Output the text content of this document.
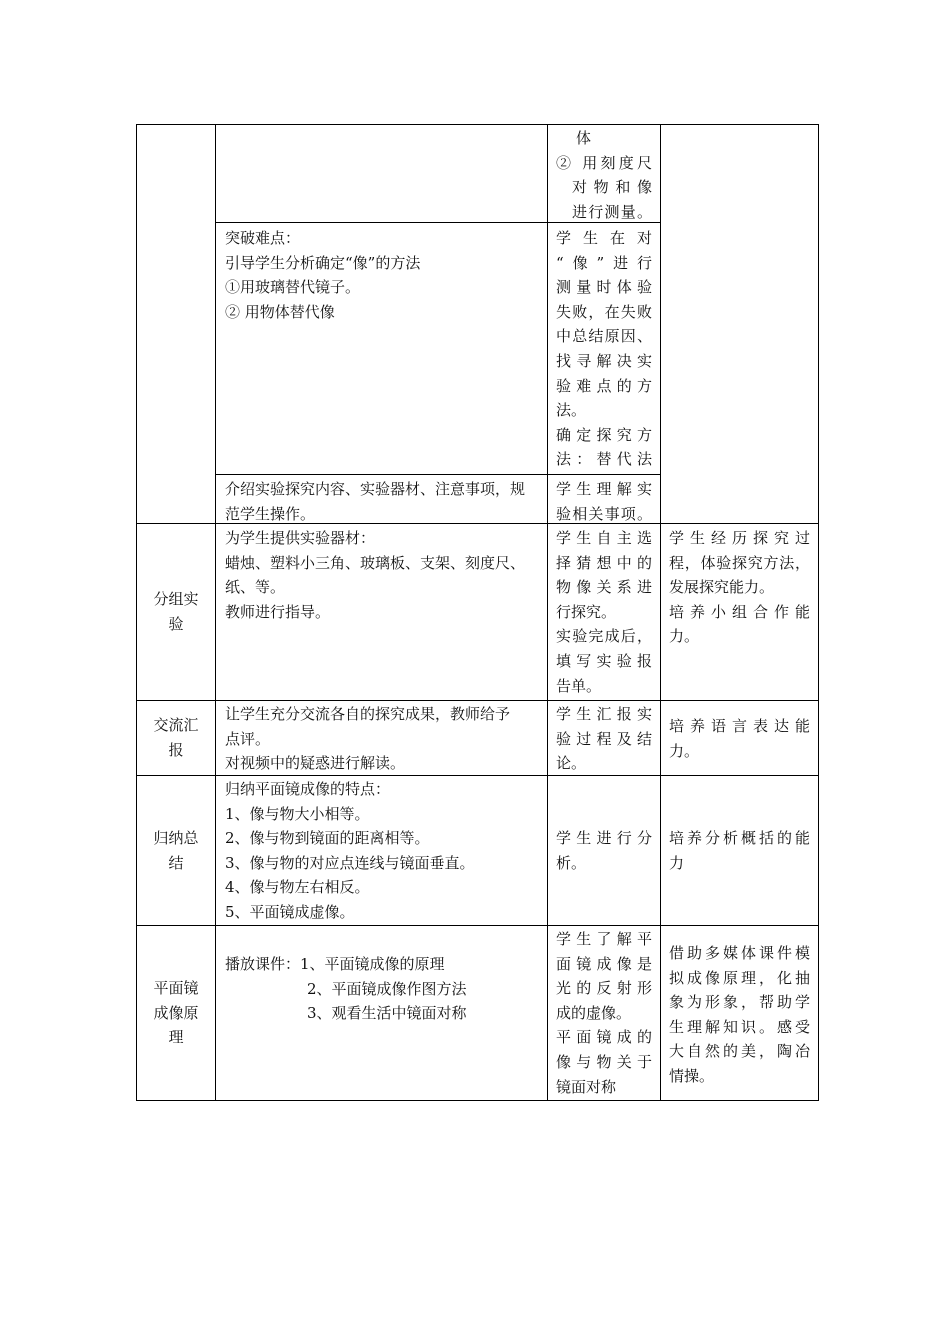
体

② 用刻度尺

对物和像

进行测量。

突破难点：

引导学生分析确定“像”的方法

①用玻璃替代镜子。

② 用物体替代像

学 生 在 对

“像”进行

测量时体验

失败，在失败

中总结原因、

找寻解决实

验难点的方

法。

确定探究方

法：替代法

介绍实验探究内容、实验器材、注意事项，规

范学生操作。

学生理解实

验相关事项。

分组实

验

为学生提供实验器材：

蜡烛、塑料小三角、玻璃板、支架、刻度尺、

纸、等。

教师进行指导。

学生自主选

择猜想中的

物像关系进

行探究。

实验完成后，

填写实验报

告单。

学生经历探究过

程，体验探究方法，

发展探究能力。

培养小组合作能

力。

交流汇

报

让学生充分交流各自的探究成果，教师给予

点评。

对视频中的疑惑进行解读。

学生汇报实

验过程及结

论。

培养语言表达能

力。

归纳总

结

归纳平面镜成像的特点：

1、像与物大小相等。

2、像与物到镜面的距离相等。

3、像与物的对应点连线与镜面垂直。

4、像与物左右相反。

5、平面镜成虚像。

学生进行分

析。

培养分析概括的能

力

平面镜

成像原

理

播放课件：1、平面镜成像的原理

2、平面镜成像作图方法

3、观看生活中镜面对称

学生了解平

面镜成像是

光的反射形

成的虚像。

平面镜成的

像与物关于

镜面对称

借助多媒体课件模

拟成像原理，化抽

象为形象，帮助学

生理解知识。感受

大自然的美，陶冶

情操。
